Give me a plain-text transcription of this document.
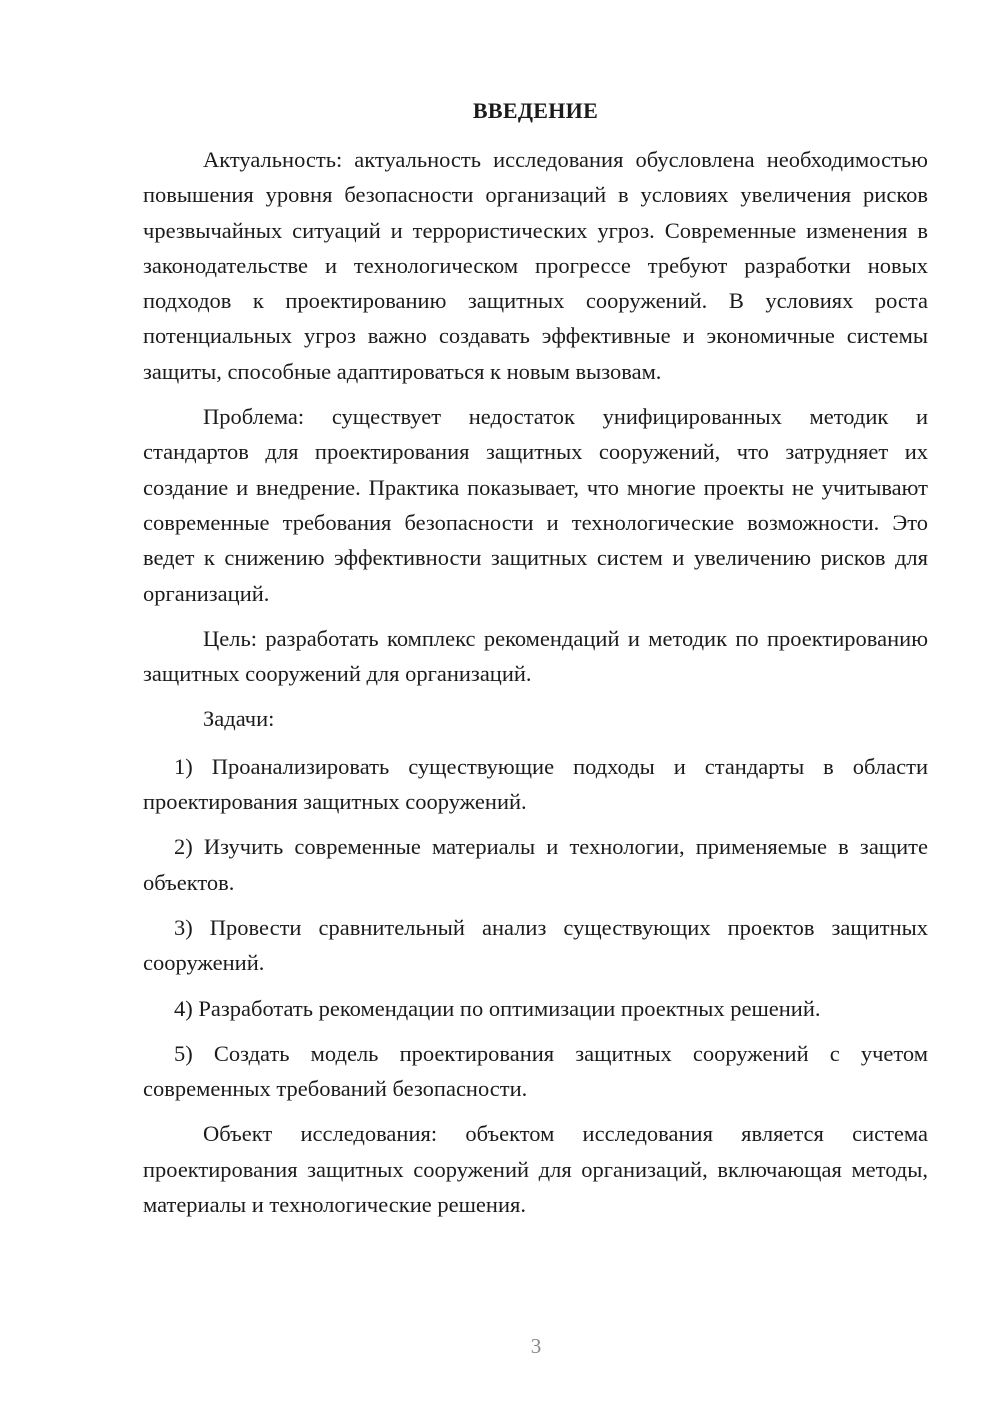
ВВЕДЕНИЕ

Актуальность: актуальность исследования обусловлена необходимостью повышения уровня безопасности организаций в условиях увеличения рисков чрезвычайных ситуаций и террористических угроз. Современные изменения в законодательстве и технологическом прогрессе требуют разработки новых подходов к проектированию защитных сооружений. В условиях роста потенциальных угроз важно создавать эффективные и экономичные системы защиты, способные адаптироваться к новым вызовам.

Проблема: существует недостаток унифицированных методик и стандартов для проектирования защитных сооружений, что затрудняет их создание и внедрение. Практика показывает, что многие проекты не учитывают современные требования безопасности и технологические возможности. Это ведет к снижению эффективности защитных систем и увеличению рисков для организаций.

Цель: разработать комплекс рекомендаций и методик по проектированию защитных сооружений для организаций.

Задачи:

1) Проанализировать существующие подходы и стандарты в области проектирования защитных сооружений.

2) Изучить современные материалы и технологии, применяемые в защите объектов.

3) Провести сравнительный анализ существующих проектов защитных сооружений.

4) Разработать рекомендации по оптимизации проектных решений.

5) Создать модель проектирования защитных сооружений с учетом современных требований безопасности.

Объект исследования: объектом исследования является система проектирования защитных сооружений для организаций, включающая методы, материалы и технологические решения.

3
